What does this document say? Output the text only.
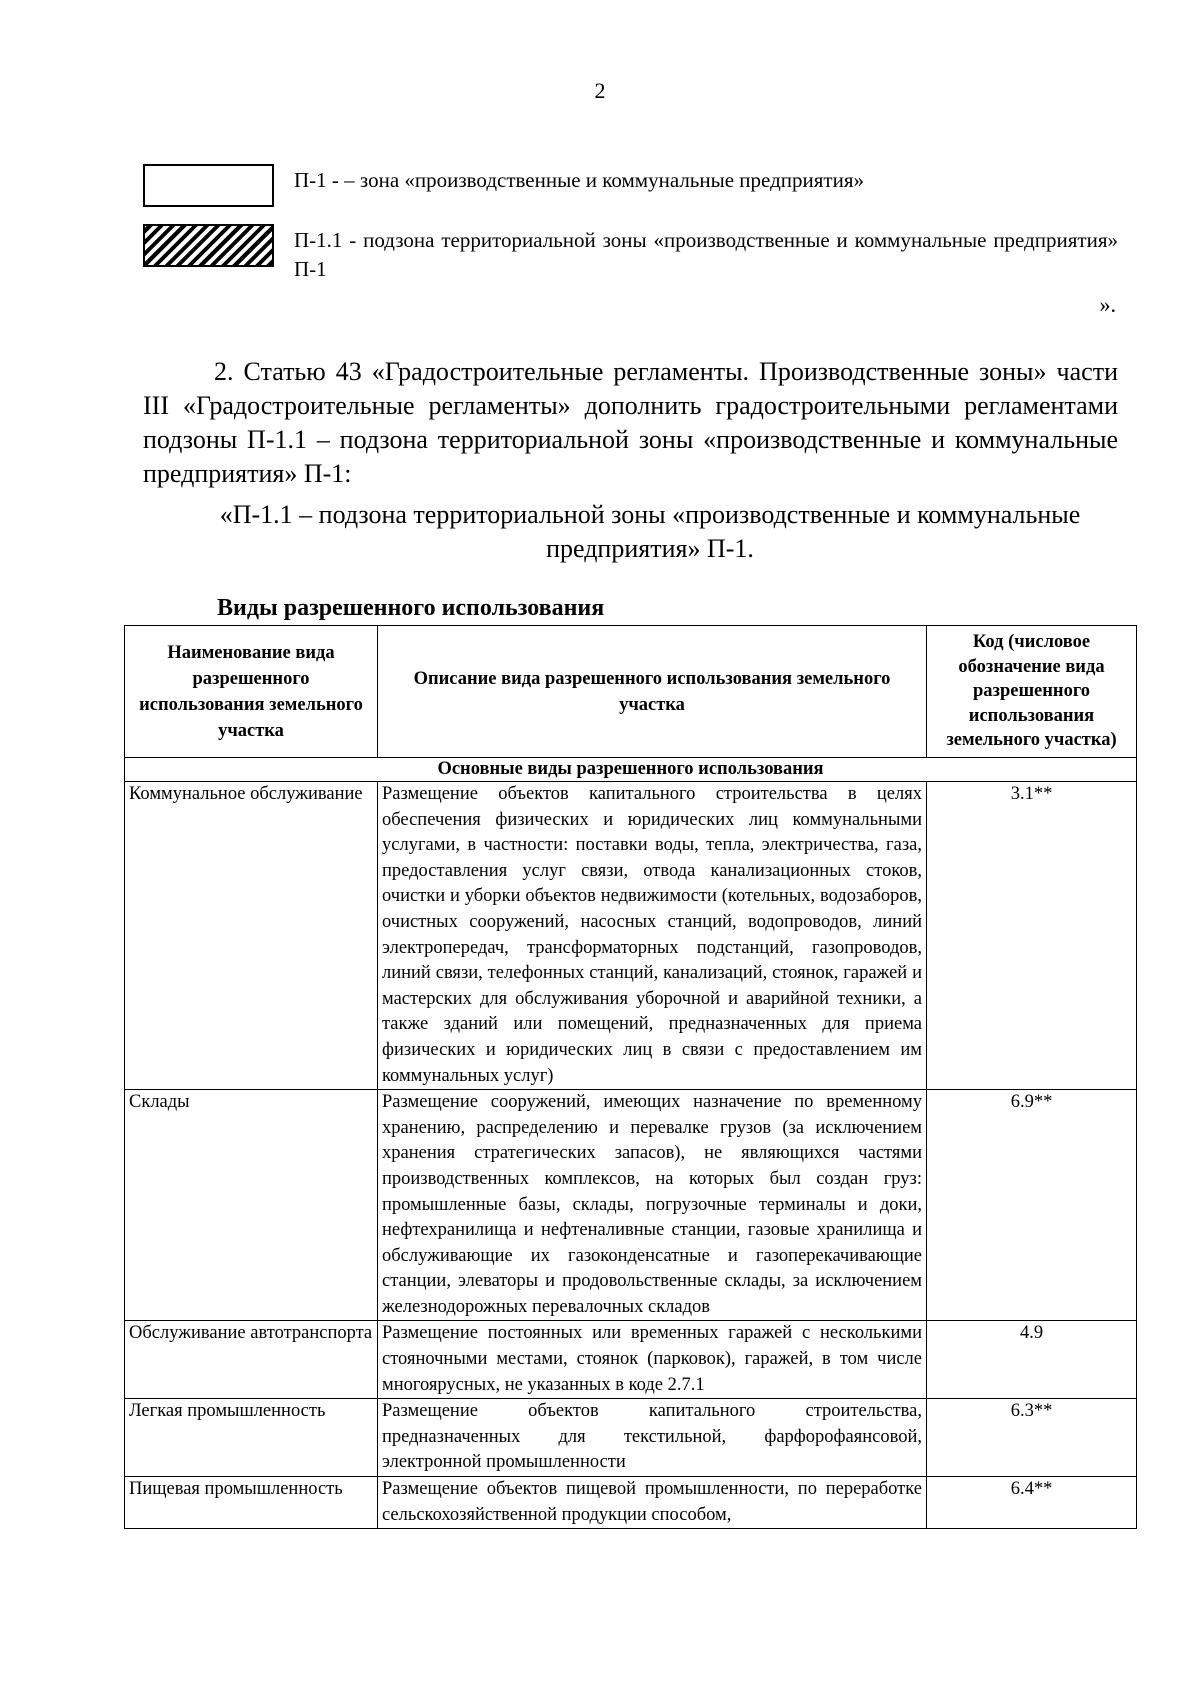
2
П-1 - – зона «производственные и коммунальные предприятия»
П-1.1 - подзона территориальной зоны «производственные и коммунальные предприятия» П-1
».
2. Статью 43 «Градостроительные регламенты. Производственные зоны» части III «Градостроительные регламенты» дополнить градостроительными регламентами подзоны П-1.1 – подзона территориальной зоны «производственные и коммунальные предприятия» П-1:
«П-1.1 – подзона территориальной зоны «производственные и коммунальные предприятия» П-1.
Виды разрешенного использования
Наименование вида разрешенного использования земельного участка	Описание вида разрешенного использования земельного участка	Код (числовое обозначение вида разрешенного использования земельного участка)
Основные виды разрешенного использования		
Коммунальное обслуживание	Размещение объектов капитального строительства в целях обеспечения физических и юридических лиц коммунальными услугами, в частности: поставки воды, тепла, электричества, газа, предоставления услуг связи, отвода канализационных стоков, очистки и уборки объектов недвижимости (котельных, водозаборов, очистных сооружений, насосных станций, водопроводов, линий электропередач, трансформаторных подстанций, газопроводов, линий связи, телефонных станций, канализаций, стоянок, гаражей и мастерских для обслуживания уборочной и аварийной техники, а также зданий или помещений, предназначенных для приема физических и юридических лиц в связи с предоставлением им коммунальных услуг)	3.1**
Склады	Размещение сооружений, имеющих назначение по временному хранению, распределению и перевалке грузов (за исключением хранения стратегических запасов), не являющихся частями производственных комплексов, на которых был создан груз: промышленные базы, склады, погрузочные терминалы и доки, нефтехранилища и нефтеналивные станции, газовые хранилища и обслуживающие их газоконденсатные и газоперекачивающие станции, элеваторы и продовольственные склады, за исключением железнодорожных перевалочных складов	6.9**
Обслуживание автотранспорта	Размещение постоянных или временных гаражей с несколькими стояночными местами, стоянок (парковок), гаражей, в том числе многоярусных, не указанных в коде 2.7.1	4.9
Легкая промышленность	Размещение объектов капитального строительства, предназначенных для текстильной, фарфорофаянсовой, электронной промышленности	6.3**
Пищевая промышленность	Размещение объектов пищевой промышленности, по переработке сельскохозяйственной продукции способом,	6.4**
